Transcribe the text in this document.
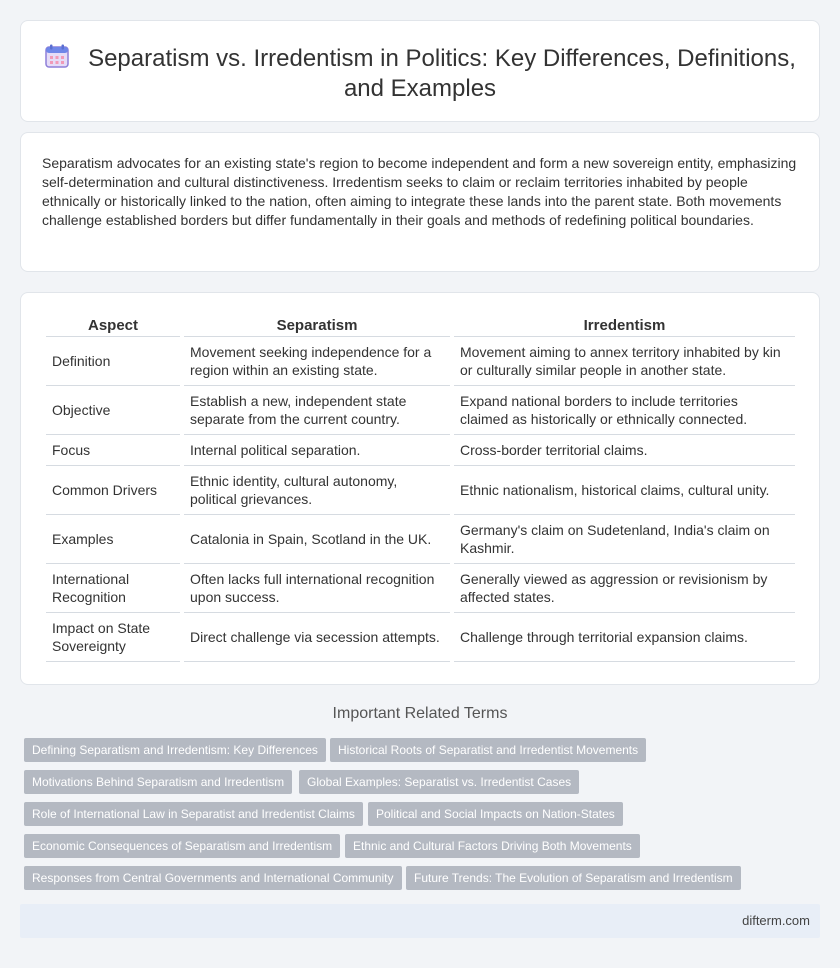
Separatism vs. Irredentism in Politics: Key Differences, Definitions, and Examples

Separatism advocates for an existing state's region to become independent and form a new sovereign entity, emphasizing self-determination and cultural distinctiveness. Irredentism seeks to claim or reclaim territories inhabited by people ethnically or historically linked to the nation, often aiming to integrate these lands into the parent state. Both movements challenge established borders but differ fundamentally in their goals and methods of redefining political boundaries.

Aspect	Separatism	Irredentism
Definition	Movement seeking independence for a region within an existing state.	Movement aiming to annex territory inhabited by kin or culturally similar people in another state.
Objective	Establish a new, independent state separate from the current country.	Expand national borders to include territories claimed as historically or ethnically connected.
Focus	Internal political separation.	Cross-border territorial claims.
Common Drivers	Ethnic identity, cultural autonomy, political grievances.	Ethnic nationalism, historical claims, cultural unity.
Examples	Catalonia in Spain, Scotland in the UK.	Germany's claim on Sudetenland, India's claim on Kashmir.
International Recognition	Often lacks full international recognition upon success.	Generally viewed as aggression or revisionism by affected states.
Impact on State Sovereignty	Direct challenge via secession attempts.	Challenge through territorial expansion claims.
Important Related Terms
Defining Separatism and Irredentism: Key Differences	Historical Roots of Separatist and Irredentist Movements
Motivations Behind Separatism and Irredentism	Global Examples: Separatist vs. Irredentist Cases
Role of International Law in Separatist and Irredentist Claims	Political and Social Impacts on Nation-States
Economic Consequences of Separatism and Irredentism	Ethnic and Cultural Factors Driving Both Movements
Responses from Central Governments and International Community	Future Trends: The Evolution of Separatism and Irredentism
difterm.com
